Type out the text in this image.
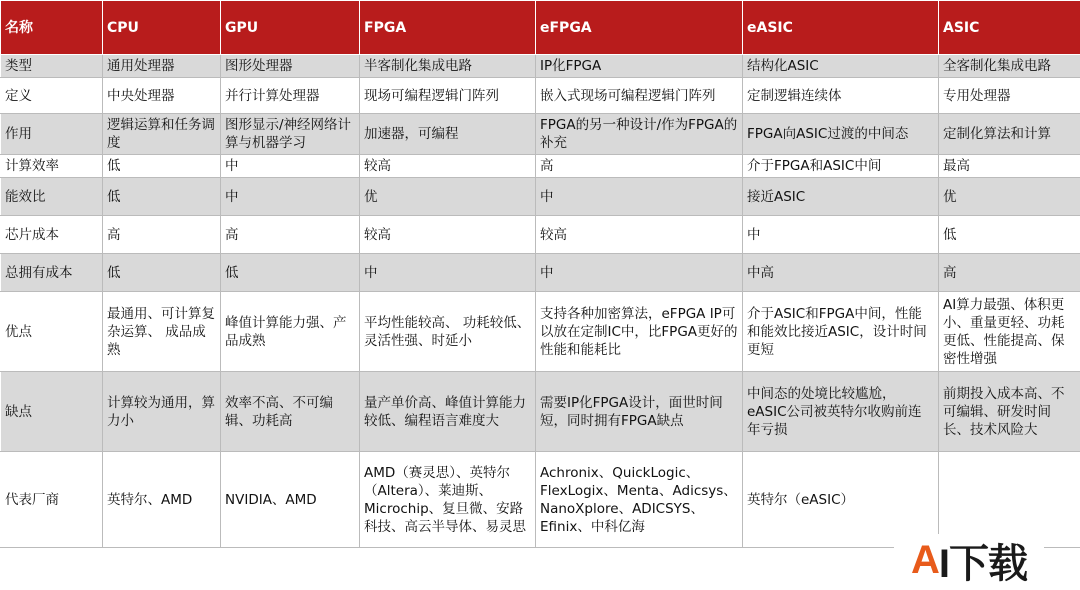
名称	CPU	GPU	FPGA	eFPGA	eASIC	ASIC
类型	通用处理器	图形处理器	半客制化集成电路	IP化FPGA	结构化ASIC	全客制化集成电路
定义	中央处理器	并行计算处理器	现场可编程逻辑门阵列	嵌入式现场可编程逻辑门阵列	定制逻辑连续体	专用处理器
作用	逻辑运算和任务调度	图形显示/神经网络计算与机器学习	加速器，可编程	FPGA的另一种设计/作为FPGA的补充	FPGA向ASIC过渡的中间态	定制化算法和计算
计算效率	低	中	较高	高	介于FPGA和ASIC中间	最高
能效比	低	中	优	中	接近ASIC	优
芯片成本	高	高	较高	较高	中	低
总拥有成本	低	低	中	中	中高	高
优点	最通用、可计算复杂运算、 成品成熟	峰值计算能力强、产品成熟	平均性能较高、 功耗较低、灵活性强、时延小	支持各种加密算法，eFPGA IP可以放在定制IC中，比FPGA更好的性能和能耗比	介于ASIC和FPGA中间，性能和能效比接近ASIC，设计时间更短	AI算力最强、体积更小、重量更轻、功耗更低、性能提高、保密性增强
缺点	计算较为通用，算力小	效率不高、不可编辑、功耗高	量产单价高、峰值计算能力较低、编程语言难度大	需要IP化FPGA设计，面世时间短，同时拥有FPGA缺点	中间态的处境比较尴尬，eASIC公司被英特尔收购前连年亏损	前期投入成本高、不可编辑、研发时间长、技术风险大
代表厂商	英特尔、AMD	NVIDIA、AMD	AMD（赛灵思）、英特尔（Altera）、莱迪斯、Microchip、复旦微、安路科技、高云半导体、易灵思	Achronix、QuickLogic、FlexLogix、Menta、Adicsys、NanoXplore、ADICSYS、Efinix、中科亿海	英特尔（eASIC）	
A I下载
